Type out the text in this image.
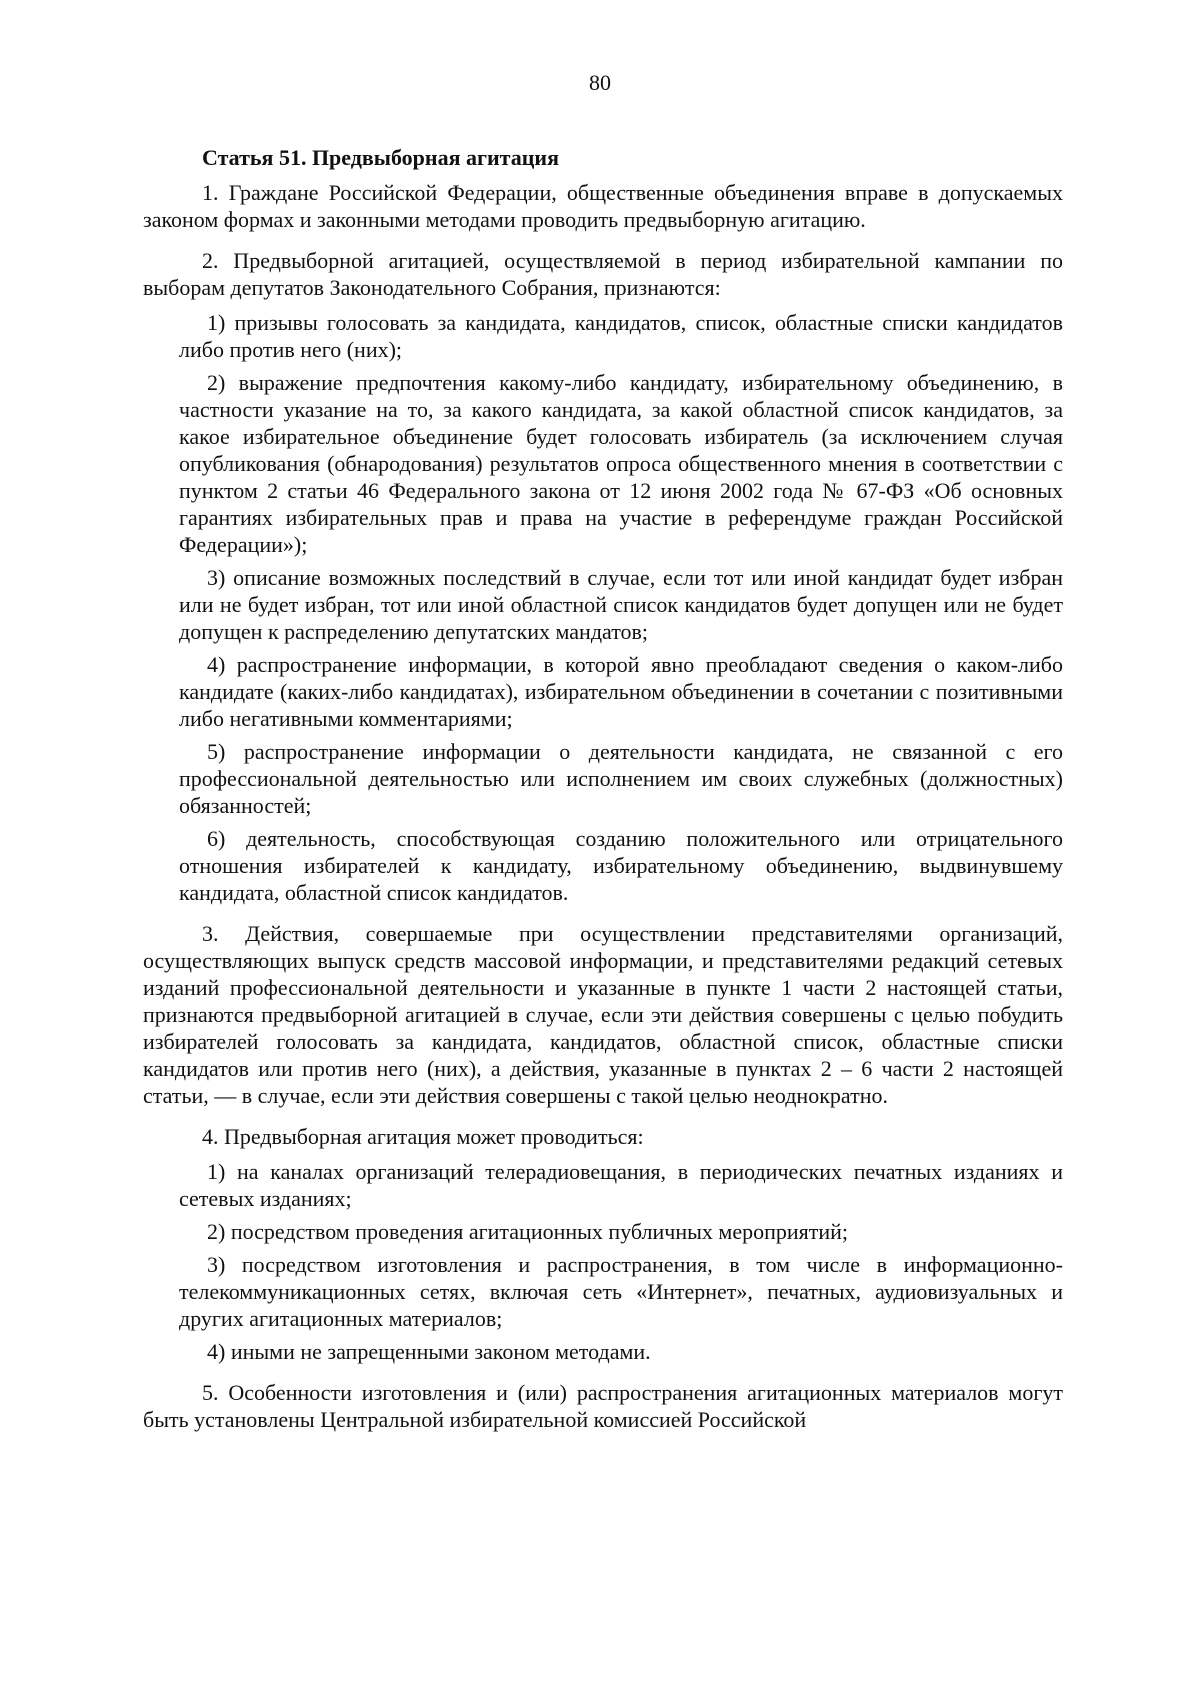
80
Статья 51. Предвыборная агитация
1. Граждане Российской Федерации, общественные объединения вправе в допускаемых законом формах и законными методами проводить предвыборную агитацию.
2. Предвыборной агитацией, осуществляемой в период избирательной кампании по выборам депутатов Законодательного Собрания, признаются:
1) призывы голосовать за кандидата, кандидатов, список, областные списки кандидатов либо против него (них);
2) выражение предпочтения какому-либо кандидату, избирательному объединению, в частности указание на то, за какого кандидата, за какой областной список кандидатов, за какое избирательное объединение будет голосовать избиратель (за исключением случая опубликования (обнародования) результатов опроса общественного мнения в соответствии с пунктом 2 статьи 46 Федерального закона от 12 июня 2002 года № 67-ФЗ «Об основных гарантиях избирательных прав и права на участие в референдуме граждан Российской Федерации»);
3) описание возможных последствий в случае, если тот или иной кандидат будет избран или не будет избран, тот или иной областной список кандидатов будет допущен или не будет допущен к распределению депутатских мандатов;
4) распространение информации, в которой явно преобладают сведения о каком-либо кандидате (каких-либо кандидатах), избирательном объединении в сочетании с позитивными либо негативными комментариями;
5) распространение информации о деятельности кандидата, не связанной с его профессиональной деятельностью или исполнением им своих служебных (должностных) обязанностей;
6) деятельность, способствующая созданию положительного или отрицательного отношения избирателей к кандидату, избирательному объединению, выдвинувшему кандидата, областной список кандидатов.
3. Действия, совершаемые при осуществлении представителями организаций, осуществляющих выпуск средств массовой информации, и представителями редакций сетевых изданий профессиональной деятельности и указанные в пункте 1 части 2 настоящей статьи, признаются предвыборной агитацией в случае, если эти действия совершены с целью побудить избирателей голосовать за кандидата, кандидатов, областной список, областные списки кандидатов или против него (них), а действия, указанные в пунктах 2 – 6 части 2 настоящей статьи, — в случае, если эти действия совершены с такой целью неоднократно.
4. Предвыборная агитация может проводиться:
1) на каналах организаций телерадиовещания, в периодических печатных изданиях и сетевых изданиях;
2) посредством проведения агитационных публичных мероприятий;
3) посредством изготовления и распространения, в том числе в информационно-телекоммуникационных сетях, включая сеть «Интернет», печатных, аудиовизуальных и других агитационных материалов;
4) иными не запрещенными законом методами.
5. Особенности изготовления и (или) распространения агитационных материалов могут быть установлены Центральной избирательной комиссией Российской
